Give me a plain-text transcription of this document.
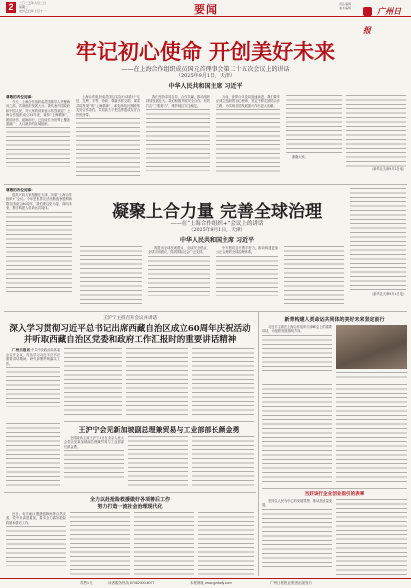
2	二〇二五年九月二日
星期二
农历乙巳年七月十一	要闻	责任编辑
美术编辑	广州日报
牢记初心使命 开创美好未来
——在上海合作组织成员国元首理事会第二十五次会议上的讲话
（2025年9月1日，天津）
中华人民共和国主席 习近平
尊敬的各位同事：

今天，上海合作组织成员国领导人齐聚海河之滨，共商组织发展大计。我代表中国政府和中国人民，对大家的到来表示热烈欢迎！上海合作组织成立24年来，秉持“上海精神”，团结协作，砥砺前行，已经成长为世界上覆盖面最广、人口最多的区域组织。

上海合作组织成员国以实际行动践行“互信、互利、平等、协商、尊重多样文明、谋求共同发展”的“上海精神”，率先缔结长期睦邻友好合作条约，共同致力于把边界建成友好合作的纽带。

我们坚持求同存异、合作共赢，推动组织持续发展壮大。我们积极开展安全合作，有效打击“三股势力”，维护地区安全稳定。

当前，世界百年变局加速演进，我们要牢记成立组织的初心使命，坚定不移走团结合作之路，为实现各国发展振兴作出更大贡献。

谢谢大家。

（新华社天津9月1日电）
尊敬的各位同事：

很高兴同大家相聚在天津，出席“上海合作组织+”会议。今年是世界反法西斯战争胜利和联合国成立80周年，我们要以史为鉴，面向未来，携手构建人类命运共同体。	凝聚上合力量 完善全球治理
——在“上海合作组织+”会议上的讲话
（2025年9月1日，天津）
中华人民共和国主席 习近平

我提出全球发展倡议、全球安全倡议、全球文明倡议，得到国际社会广泛支持。

中方愿同各方携手努力，推动构建更加公正合理的全球治理体系。

（新华社天津9月1日电）
王沪宁主持召开会议并讲话
深入学习贯彻习近平总书记出席西藏自治区成立60周年庆祝活动
并听取西藏自治区党委和政府工作汇报时的重要讲话精神

广州日报讯 中共中央政治局常委会召开会议，传达学习习近平总书记重要讲话精神，研究部署贯彻落实工作。

王沪宁会见新加坡副总理兼贸易与工业部部长颜金勇

全国政协主席王沪宁1日在北京人民大会堂会见新加坡副总理兼贸易与工业部部长颜金勇。

全力以赴抢险救援做好各项善后工作
努力打造一流社会治理现代化

近日，有关地区遭遇强降雨等自然灾害，党中央高度重视，要求全力做好抢险救援和善后工作。

新青构建人类命运共同体的美好未来坚定前行

习近平主席在上海合作组织天津峰会上的重要讲话，为组织发展指明方向。

当好该行企业创业指引的表率

坚持以人民为中心的发展思想，推动高质量发展。

零售1元	读者服务热线 87082000-8077	本报网址 www.gzdaily.com	广州日报报业集团出版发行
